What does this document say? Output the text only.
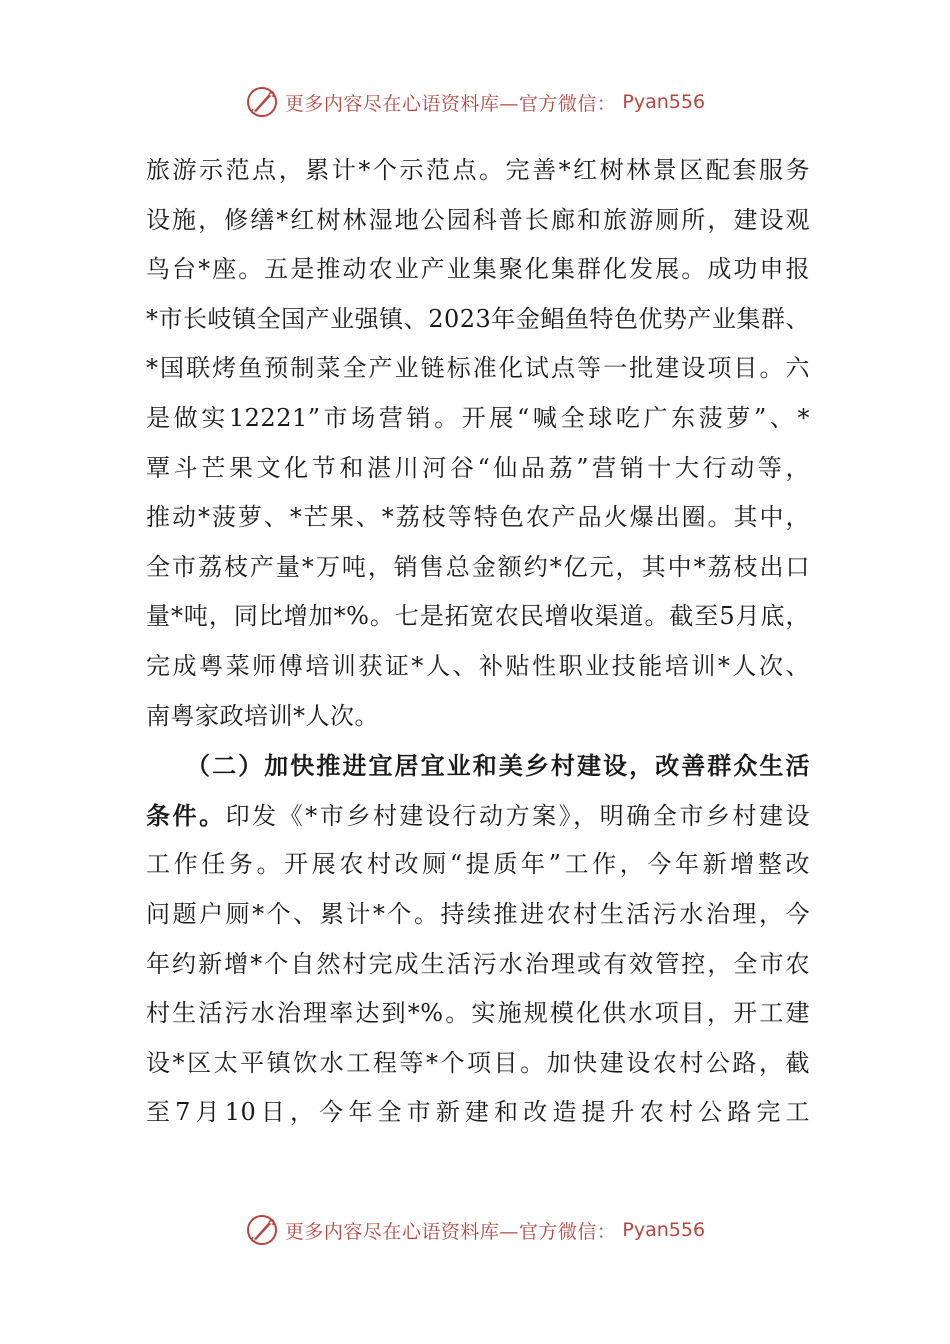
更多内容尽在心语资料库—官方微信： Pyan556
旅游示范点，累计*个示范点。完善*红树林景区配套服务
设施，修缮*红树林湿地公园科普长廊和旅游厕所，建设观
鸟台*座。五是推动农业产业集聚化集群化发展。成功申报
*市长岐镇全国产业强镇、2023年金鲳鱼特色优势产业集群、
*国联烤鱼预制菜全产业链标准化试点等一批建设项目。六
是做实12221”市场营销。开展“喊全球吃广东菠萝”、*
覃斗芒果文化节和湛川河谷“仙品荔”营销十大行动等，
推动*菠萝、*芒果、*荔枝等特色农产品火爆出圈。其中，
全市荔枝产量*万吨，销售总金额约*亿元，其中*荔枝出口
量*吨，同比增加*%。七是拓宽农民增收渠道。截至5月底，
完成粤菜师傅培训获证*人、补贴性职业技能培训*人次、
南粤家政培训*人次。
（二）加快推进宜居宜业和美乡村建设，改善群众生活
条件。印发《*市乡村建设行动方案》，明确全市乡村建设
工作任务。开展农村改厕“提质年”工作，今年新增整改
问题户厕*个、累计*个。持续推进农村生活污水治理，今
年约新增*个自然村完成生活污水治理或有效管控，全市农
村生活污水治理率达到*%。实施规模化供水项目，开工建
设*区太平镇饮水工程等*个项目。加快建设农村公路，截
至7月10日，今年全市新建和改造提升农村公路完工
更多内容尽在心语资料库—官方微信： Pyan556
